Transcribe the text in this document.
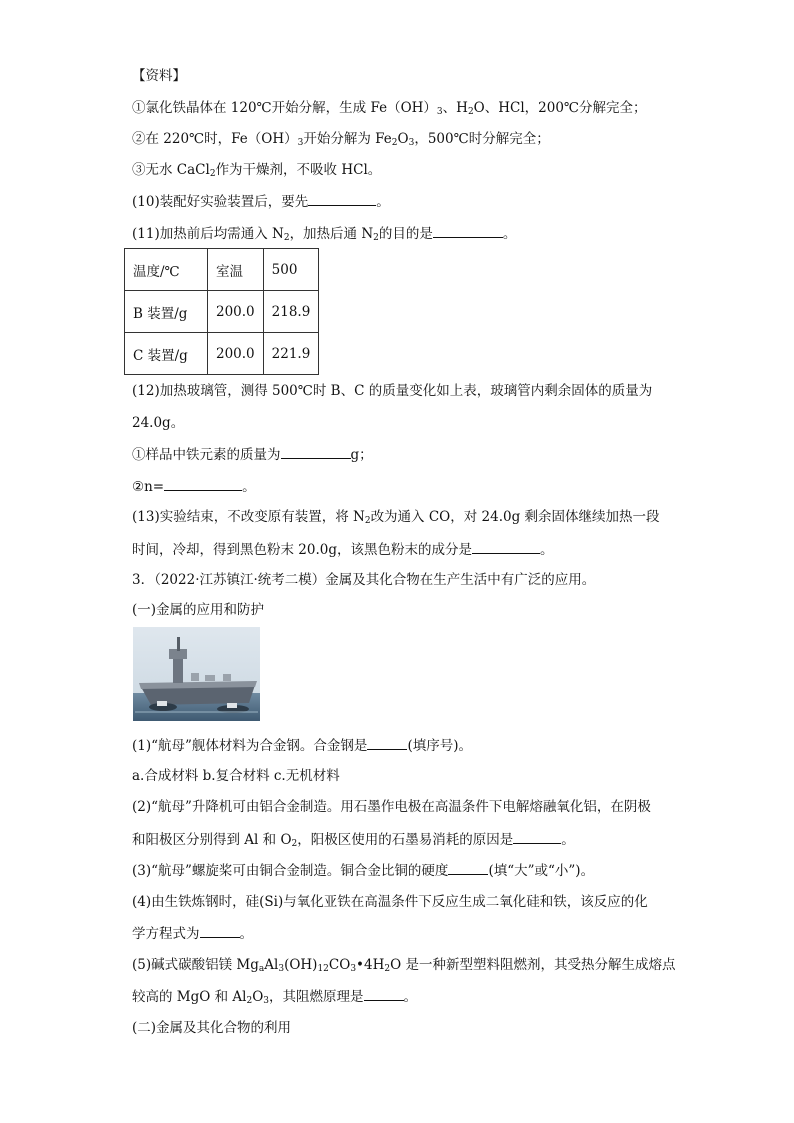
【资料】
①氯化铁晶体在 120℃开始分解，生成 $Fe(OH)_3$、$H_2O$、HCl，200℃分解完全；
②在 220℃时，$Fe(OH)_3$开始分解为 $Fe_2O_3$，500℃时分解完全；
③无水 CaCl$_2$作为干燥剂，不吸收 HCl。
(10)装配好实验装置后，要先	。
(11)加热前后均需通入 $N_2$，加热后通 $N_2$的目的是	。
温度/℃	室温	500
B 装置/g	200.0	218.9
C 装置/g	200.0	221.9
(12)加热玻璃管，测得 500℃时 B、C 的质量变化如上表，玻璃管内剩余固体的质量为
24.0g。
①样品中铁元素的质量为	g；
②n=	。
(13)实验结束，不改变原有装置，将 $N_2$改为通入 CO，对 24.0g 剩余固体继续加热一段
时间，冷却，得到黑色粉末 20.0g，该黑色粉末的成分是	。
3．（2022·江苏镇江·统考二模）金属及其化合物在生产生活中有广泛的应用。
(一)金属的应用和防护
(1)“航母”舰体材料为合金钢。合金钢是	(填序号)。
a.合成材料 b.复合材料 c.无机材料
(2)“航母”升降机可由铝合金制造。用石墨作电极在高温条件下电解熔融氧化铝，在阴极
和阳极区分别得到 Al 和 $O_2$，阳极区使用的石墨易消耗的原因是	。
(3)“航母”螺旋桨可由铜合金制造。铜合金比铜的硬度	(填“大”或“小”)。
(4)由生铁炼钢时，硅(Si)与氧化亚铁在高温条件下反应生成二氧化硅和铁，该反应的化
学方程式为	。
(5)碱式碳酸铝镁 $Mg_aAl_3(OH)_{12}CO_3•4H_2O$ 是一种新型塑料阻燃剂，其受热分解生成熔点
较高的 MgO 和 $Al_2O_3$，其阻燃原理是	。
(二)金属及其化合物的利用
